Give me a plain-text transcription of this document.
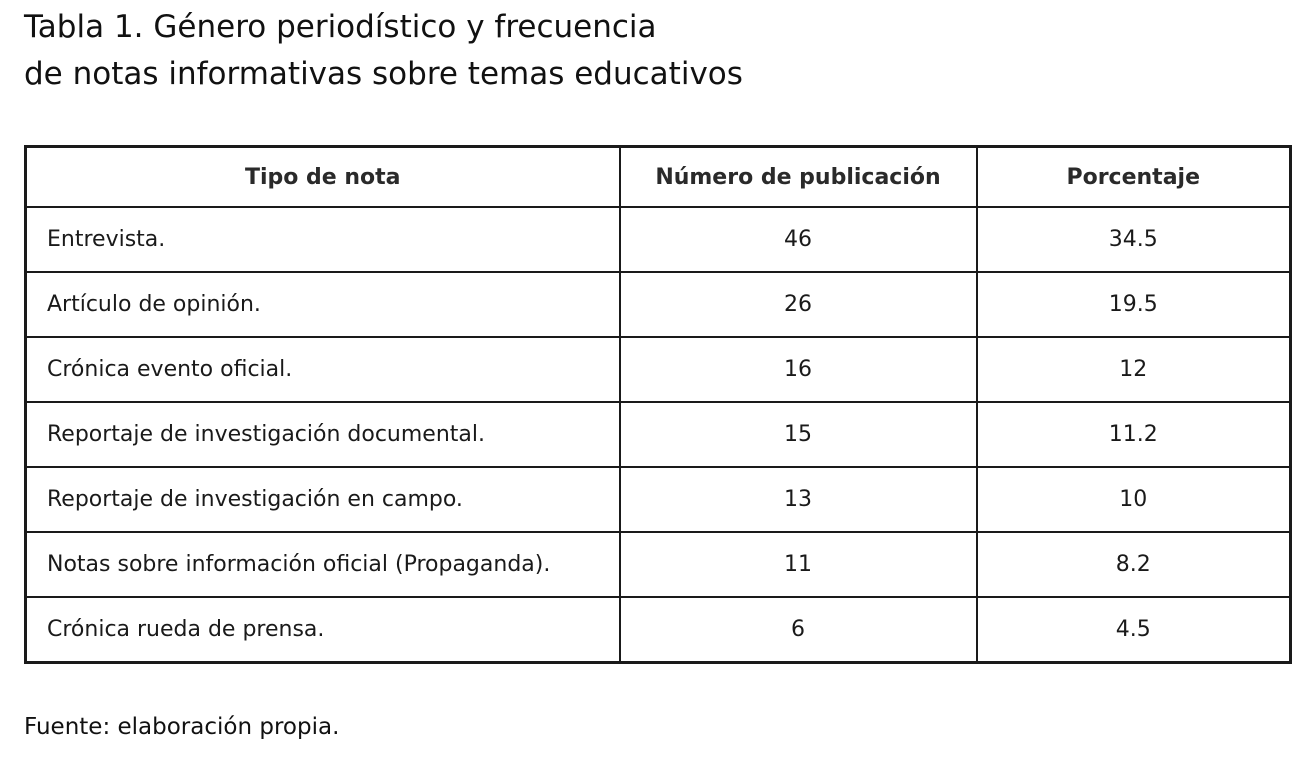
Tabla 1. Género periodístico y frecuencia
de notas informativas sobre temas educativos
Tipo de nota	Número de publicación	Porcentaje
Entrevista.	46	34.5
Artículo de opinión.	26	19.5
Crónica evento oficial.	16	12
Reportaje de investigación documental.	15	11.2
Reportaje de investigación en campo.	13	10
Notas sobre información oficial (Propaganda).	11	8.2
Crónica rueda de prensa.	6	4.5
Fuente: elaboración propia.
